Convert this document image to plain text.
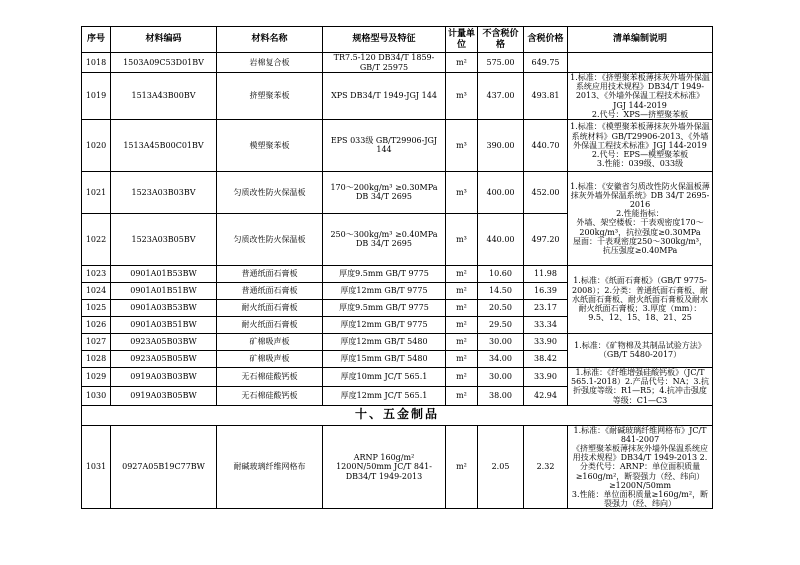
序号	材料编码	材料名称	规格型号及特征	计量单位	不含税价格	含税价格	清单编制说明
1018	1503A09C53D01BV	岩棉复合板	TR7.5-120 DB34/T 1859-GB/T 25975	m²	575.00	649.75	
1019	1513A43B00BV	挤塑聚苯板	XPS DB34/T 1949-JGJ 144	m³	437.00	493.81	1.标准：《挤塑聚苯板薄抹灰外墙外保温系统应用技术规程》DB34/T 1949-2013、《外墙外保温工程技术标准》JGJ 144-2019
2.代号：XPS—挤塑聚苯板
1020	1513A45B00C01BV	模塑聚苯板	EPS 033级 GB/T29906-JGJ 144	m³	390.00	440.70	1.标准：《模塑聚苯板薄抹灰外墙外保温系统材料》GB/T29906-2013、《外墙外保温工程技术标准》JGJ 144-2019
2.代号：EPS—模塑聚苯板
3.性能：039级、033级
1021	1523A03B03BV	匀质改性防火保温板	170～200kg/m³ ≥0.30MPa DB 34/T 2695	m³	400.00	452.00	1.标准：《安徽省匀质改性防火保温板薄抹灰外墙外保温系统》DB 34/T 2695-2016
2.性能指标：
外墙、架空楼板：干表观密度170～200kg/m³，抗拉强度≥0.30MPa
屋面：干表观密度250～300kg/m³，抗压强度≥0.40MPa
1022	1523A03B05BV	匀质改性防火保温板	250～300kg/m³ ≥0.40MPa DB 34/T 2695	m³	440.00	497.20	
1023	0901A01B53BW	普通纸面石膏板	厚度9.5mm GB/T 9775	m²	10.60	11.98	1.标准：《纸面石膏板》（GB/T 9775-2008）；2.分类：普通纸面石膏板、耐水纸面石膏板、耐火纸面石膏板及耐水耐火纸面石膏板；3.厚度（mm）：9.5、12、15、18、21、25
1024	0901A01B51BW	普通纸面石膏板	厚度12mm GB/T 9775	m²	14.50	16.39	
1025	0901A03B53BW	耐火纸面石膏板	厚度9.5mm GB/T 9775	m²	20.50	23.17	
1026	0901A03B51BW	耐火纸面石膏板	厚度12mm GB/T 9775	m²	29.50	33.34	
1027	0923A05B03BW	矿棉吸声板	厚度12mm GB/T 5480	m²	30.00	33.90	1.标准：《矿物棉及其制品试验方法》（GB/T 5480-2017）
1028	0923A05B05BW	矿棉吸声板	厚度15mm GB/T 5480	m²	34.00	38.42	
1029	0919A03B03BW	无石棉硅酸钙板	厚度10mm JC/T 565.1	m²	30.00	33.90	1.标准：《纤维增强硅酸钙板》（JC/T 565.1-2018）2.产品代号：NA；3.抗折强度等级：R1—R5；4.抗冲击强度等级：C1—C3
1030	0919A03B05BW	无石棉硅酸钙板	厚度12mm JC/T 565.1	m²	38.00	42.94	
十、五金制品							
1031	0927A05B19C77BW	耐碱玻璃纤维网格布	ARNP 160g/m² 1200N/50mm JC/T 841-DB34/T 1949-2013	m²	2.05	2.32	1.标准：《耐碱玻璃纤维网格布》JC/T 841-2007
《挤塑聚苯板薄抹灰外墙外保温系统应用技术规程》DB34/T 1949-2013 2.分类代号：ARNP：单位面积质量≥160g/m²，断裂强力（经、纬向）≥1200N/50mm
3.性能：单位面积质量≥160g/m²，断裂强力（经、纬向）
